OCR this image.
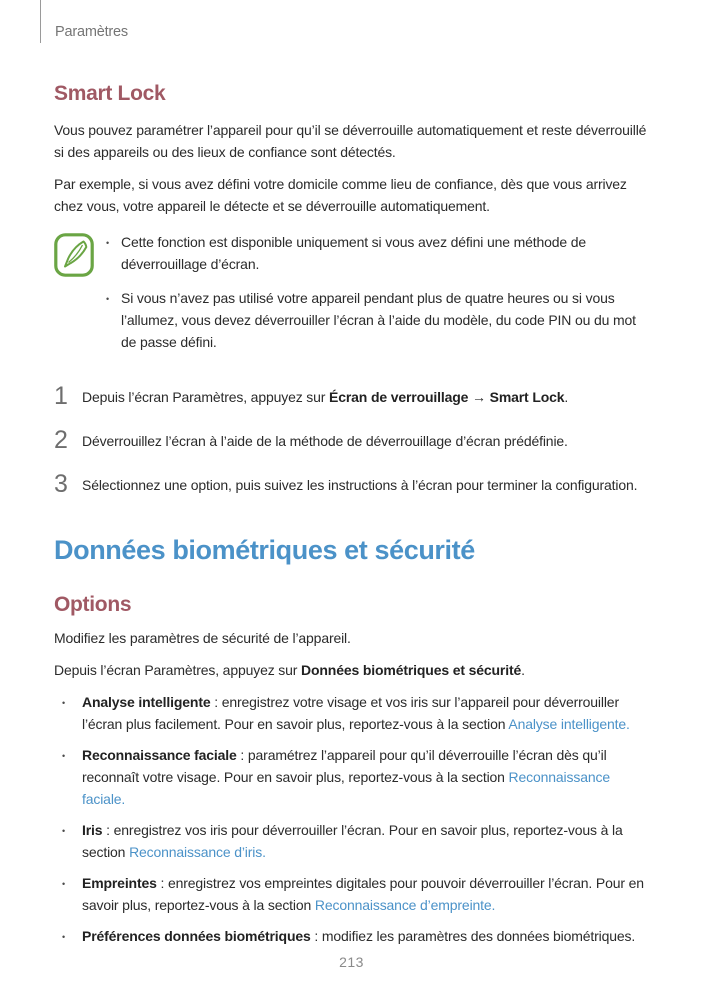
Paramètres
Smart Lock

Vous pouvez paramétrer l’appareil pour qu’il se déverrouille automatiquement et reste déverrouillé si des appareils ou des lieux de confiance sont détectés.

Par exemple, si vous avez défini votre domicile comme lieu de confiance, dès que vous arrivez chez vous, votre appareil le détecte et se déverrouille automatiquement.

• Cette fonction est disponible uniquement si vous avez défini une méthode de déverrouillage d’écran.
• Si vous n’avez pas utilisé votre appareil pendant plus de quatre heures ou si vous l’allumez, vous devez déverrouiller l’écran à l’aide du modèle, du code PIN ou du mot de passe défini.
1	Depuis l’écran Paramètres, appuyez sur Écran de verrouillage → Smart Lock.
2	Déverrouillez l’écran à l’aide de la méthode de déverrouillage d’écran prédéfinie.
3	Sélectionnez une option, puis suivez les instructions à l’écran pour terminer la configuration.
Données biométriques et sécurité
Options

Modifiez les paramètres de sécurité de l’appareil.

Depuis l’écran Paramètres, appuyez sur Données biométriques et sécurité.

•	Analyse intelligente : enregistrez votre visage et vos iris sur l’appareil pour déverrouiller l’écran plus facilement. Pour en savoir plus, reportez-vous à la section Analyse intelligente.
•	Reconnaissance faciale : paramétrez l’appareil pour qu’il déverrouille l’écran dès qu’il reconnaît votre visage. Pour en savoir plus, reportez-vous à la section Reconnaissance faciale.
•	Iris : enregistrez vos iris pour déverrouiller l’écran. Pour en savoir plus, reportez-vous à la section Reconnaissance d’iris.
•	Empreintes : enregistrez vos empreintes digitales pour pouvoir déverrouiller l’écran. Pour en savoir plus, reportez-vous à la section Reconnaissance d’empreinte.
•	Préférences données biométriques : modifiez les paramètres des données biométriques.
213
